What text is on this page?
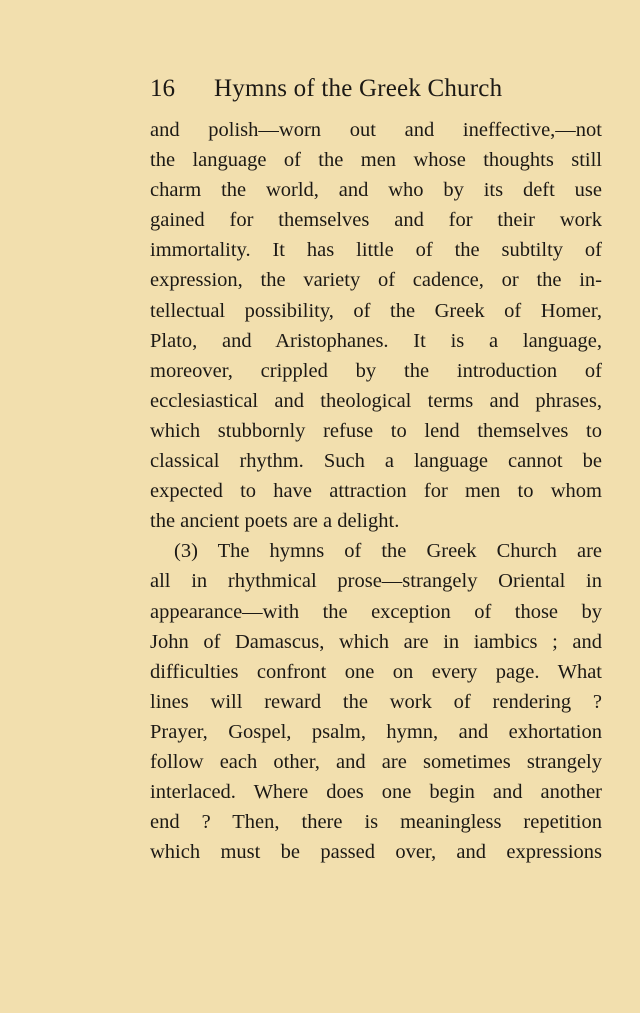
16 Hymns of the Greek Church
and polish—worn out and ineffective,—not
the language of the men whose thoughts still
charm the world, and who by its deft use
gained for themselves and for their work
immortality. It has little of the subtilty of
expression, the variety of cadence, or the in-
tellectual possibility, of the Greek of Homer,
Plato, and Aristophanes. It is a language,
moreover, crippled by the introduction of
ecclesiastical and theological terms and phrases,
which stubbornly refuse to lend themselves to
classical rhythm. Such a language cannot be
expected to have attraction for men to whom
the ancient poets are a delight.
(3) The hymns of the Greek Church are
all in rhythmical prose—strangely Oriental in
appearance—with the exception of those by
John of Damascus, which are in iambics ; and
difficulties confront one on every page. What
lines will reward the work of rendering ?
Prayer, Gospel, psalm, hymn, and exhortation
follow each other, and are sometimes strangely
interlaced. Where does one begin and another
end ? Then, there is meaningless repetition
which must be passed over, and expressions
